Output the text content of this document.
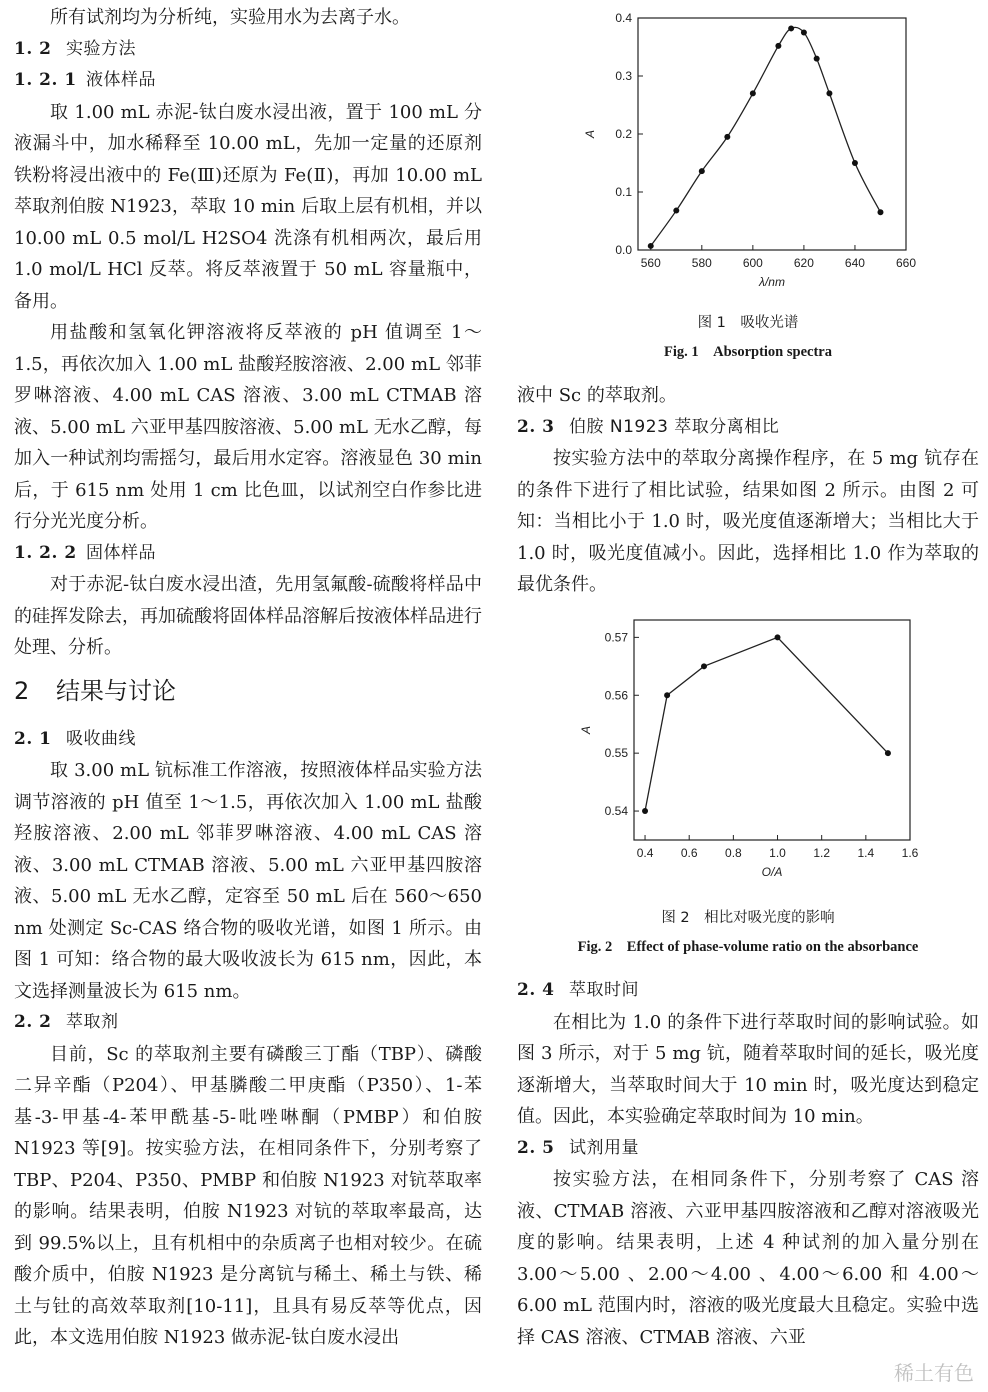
所有试剂均为分析纯，实验用水为去离子水。

1. 2 实验方法
1. 2. 1 液体样品

取 1.00 mL 赤泥-钛白废水浸出液，置于 100 mL 分液漏斗中，加水稀释至 10.00 mL，先加一定量的还原剂铁粉将浸出液中的 Fe(Ⅲ)还原为 Fe(Ⅱ)，再加 10.00 mL 萃取剂伯胺 N1923，萃取 10 min 后取上层有机相，并以 10.00 mL 0.5 mol/L H2SO4 洗涤有机相两次，最后用 1.0 mol/L HCl 反萃。将反萃液置于 50 mL 容量瓶中，备用。

用盐酸和氢氧化钾溶液将反萃液的 pH 值调至 1～1.5，再依次加入 1.00 mL 盐酸羟胺溶液、2.00 mL 邻菲罗啉溶液、4.00 mL CAS 溶液、3.00 mL CTMAB 溶液、5.00 mL 六亚甲基四胺溶液、5.00 mL 无水乙醇，每加入一种试剂均需摇匀，最后用水定容。溶液显色 30 min 后，于 615 nm 处用 1 cm 比色皿，以试剂空白作参比进行分光光度分析。

1. 2. 2 固体样品

对于赤泥-钛白废水浸出渣，先用氢氟酸-硫酸将样品中的硅挥发除去，再加硫酸将固体样品溶解后按液体样品进行处理、分析。

2 结果与讨论
2. 1 吸收曲线

取 3.00 mL 钪标准工作溶液，按照液体样品实验方法调节溶液的 pH 值至 1～1.5，再依次加入 1.00 mL 盐酸羟胺溶液、2.00 mL 邻菲罗啉溶液、4.00 mL CAS 溶液、3.00 mL CTMAB 溶液、5.00 mL 六亚甲基四胺溶液、5.00 mL 无水乙醇，定容至 50 mL 后在 560～650 nm 处测定 Sc-CAS 络合物的吸收光谱，如图 1 所示。由图 1 可知：络合物的最大吸收波长为 615 nm，因此，本文选择测量波长为 615 nm。

2. 2 萃取剂

目前，Sc 的萃取剂主要有磷酸三丁酯（TBP）、磷酸二异辛酯（P204）、甲基膦酸二甲庚酯（P350）、1-苯基-3-甲基-4-苯甲酰基-5-吡唑啉酮（PMBP）和伯胺 N1923 等[9]。按实验方法，在相同条件下，分别考察了 TBP、P204、P350、PMBP 和伯胺 N1923 对钪萃取率的影响。结果表明，伯胺 N1923 对钪的萃取率最高，达到 99.5%以上，且有机相中的杂质离子也相对较少。在硫酸介质中，伯胺 N1923 是分离钪与稀土、稀土与铁、稀土与钍的高效萃取剂[10-11]，且具有易反萃等优点，因此，本文选用伯胺 N1923 做赤泥-钛白废水浸出

560	580	600	620	640	660
0.0
0.1
0.2
0.3
0.4
λ/nm
A
图 1　吸收光谱
Fig. 1　Absorption spectra

液中 Sc 的萃取剂。

2. 3 伯胺 N1923 萃取分离相比

按实验方法中的萃取分离操作程序，在 5 mg 钪存在的条件下进行了相比试验，结果如图 2 所示。由图 2 可知：当相比小于 1.0 时，吸光度值逐渐增大；当相比大于 1.0 时，吸光度值减小。因此，选择相比 1.0 作为萃取的最优条件。

0.4 0.6 0.8 1.0 1.2 1.4 1.6
0.54
0.55
0.56
0.57
O/A
A
图 2　相比对吸光度的影响
Fig. 2　Effect of phase-volume ratio on the absorbance
2. 4 萃取时间

在相比为 1.0 的条件下进行萃取时间的影响试验。如图 3 所示，对于 5 mg 钪，随着萃取时间的延长，吸光度逐渐增大，当萃取时间大于 10 min 时，吸光度达到稳定值。因此，本实验确定萃取时间为 10 min。

2. 5 试剂用量

按实验方法，在相同条件下，分别考察了 CAS 溶液、CTMAB 溶液、六亚甲基四胺溶液和乙醇对溶液吸光度的影响。结果表明，上述 4 种试剂的加入量分别在 3.00～5.00 、2.00～4.00 、4.00～6.00 和 4.00～6.00 mL 范围内时，溶液的吸光度最大且稳定。实验中选择 CAS 溶液、CTMAB 溶液、六亚

稀土有色
